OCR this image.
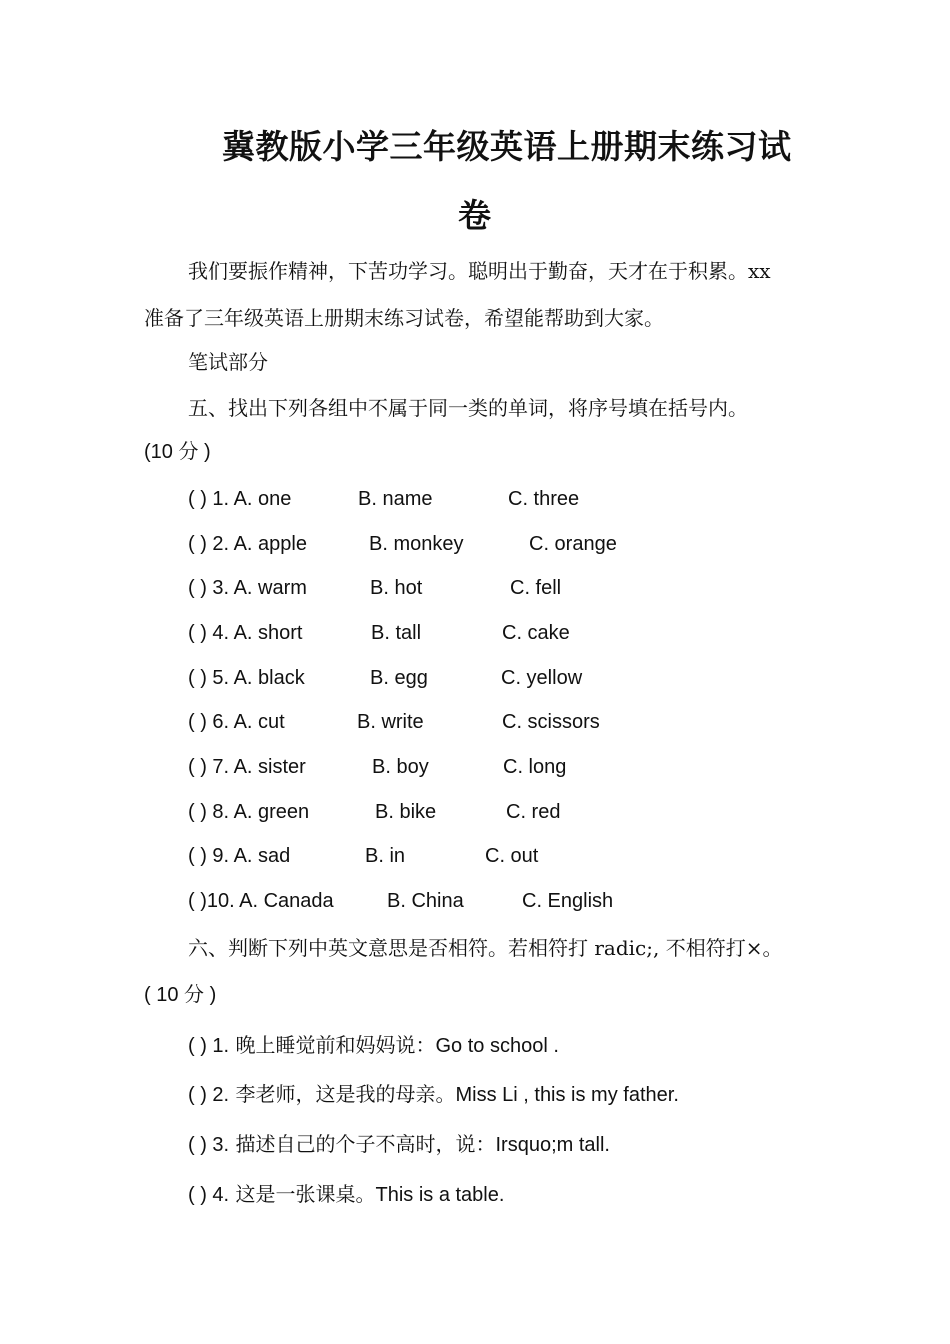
冀教版小学三年级英语上册期末练习试
卷
我们要振作精神，下苦功学习。聪明出于勤奋，天才在于积累。xx
准备了三年级英语上册期末练习试卷，希望能帮助到大家。
笔试部分
五、找出下列各组中不属于同一类的单词，将序号填在括号内。
(10 分 )
( ) 1. A. one	B. name	C. three
( ) 2. A. apple	B. monkey	C. orange
( ) 3. A. warm	B. hot	C. fell
( ) 4. A. short	B. tall	C. cake
( ) 5. A. black	B. egg	C. yellow
( ) 6. A. cut	B. write	C. scissors
( ) 7. A. sister	B. boy	C. long
( ) 8. A. green	B. bike	C. red
( ) 9. A. sad	B. in	C. out
( )10. A. Canada	B. China	C. English
六、判断下列中英文意思是否相符。若相符打 radic;, 不相符打×。
( 10 分 )
( ) 1. 晚上睡觉前和妈妈说：Go to school .
( ) 2. 李老师，这是我的母亲。Miss Li , this is my father.
( ) 3. 描述自己的个子不高时，说：Irsquo;m tall.
( ) 4. 这是一张课桌。This is a table.
